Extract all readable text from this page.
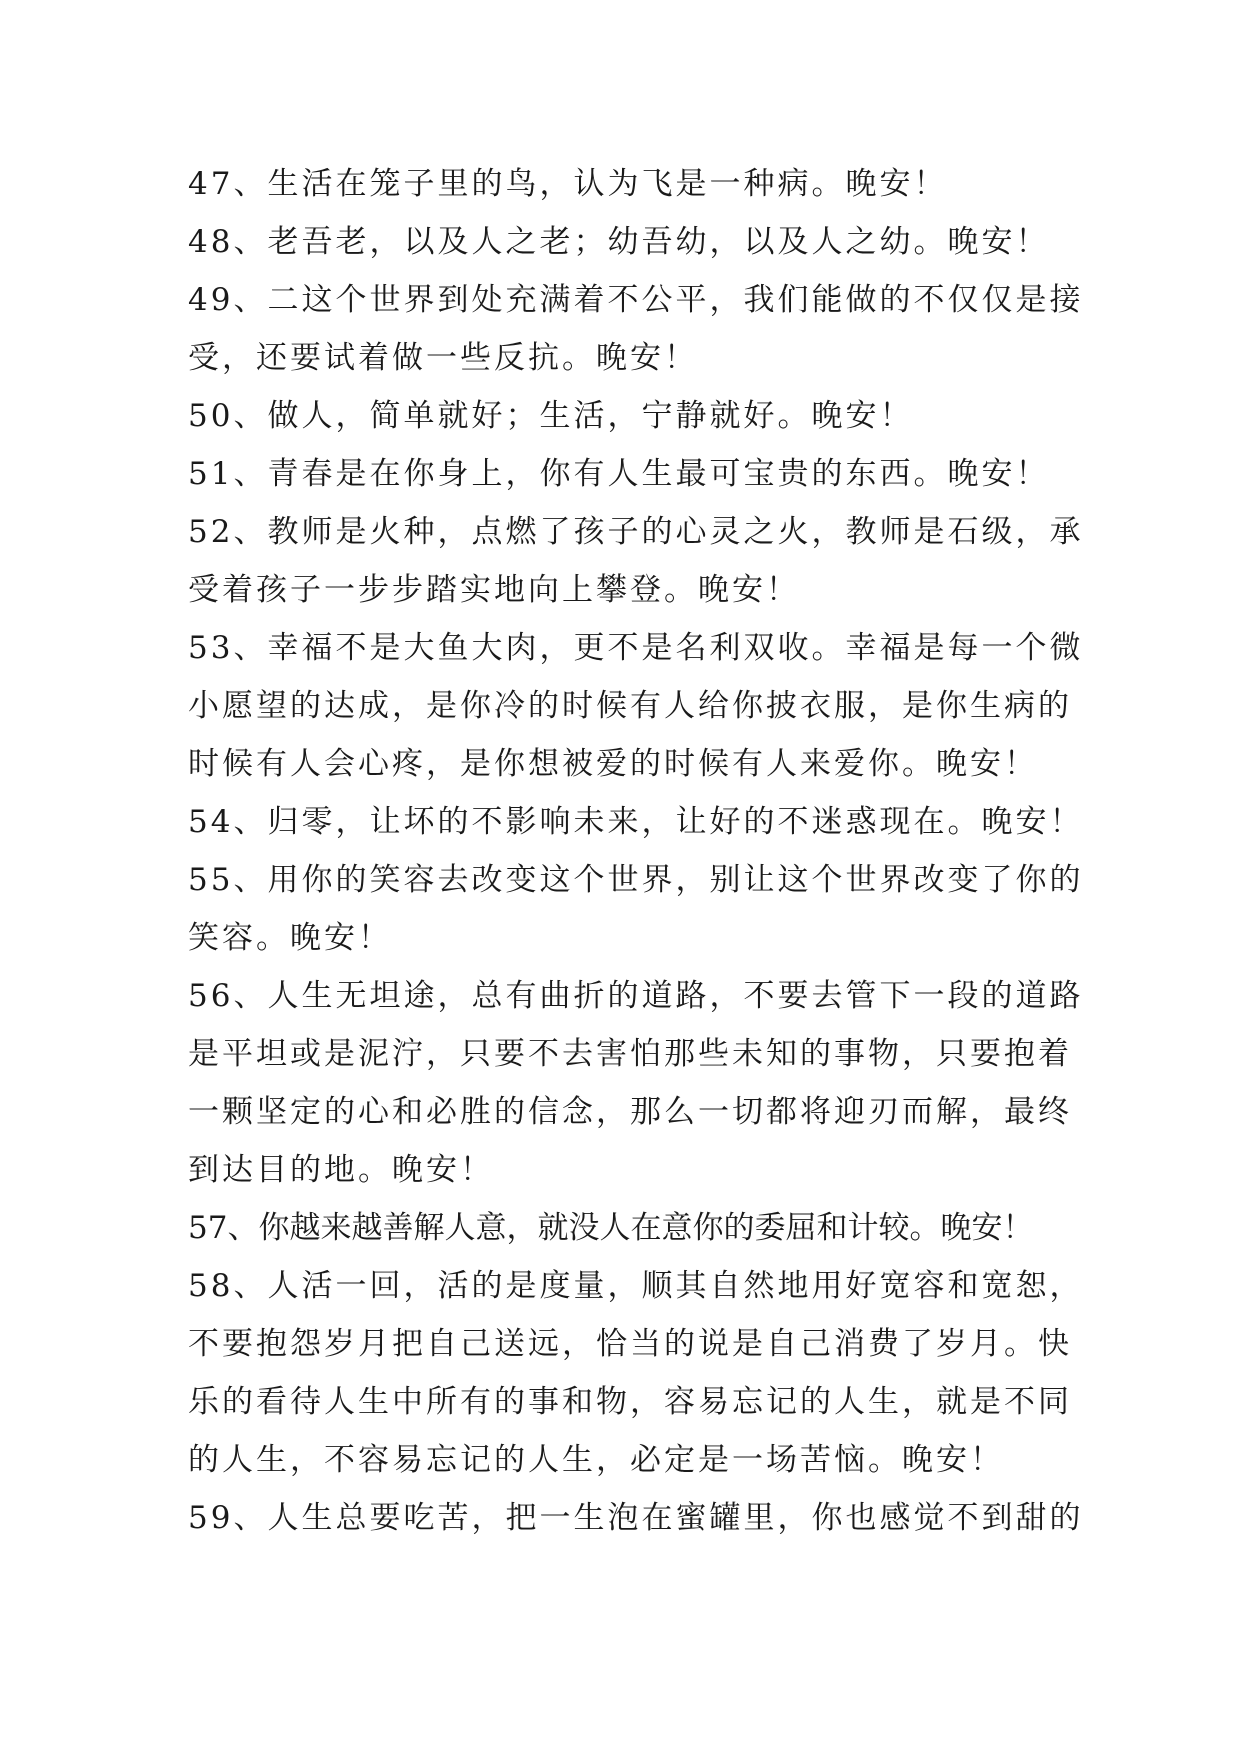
47、生活在笼子里的鸟，认为飞是一种病。晚安！
48、老吾老，以及人之老；幼吾幼，以及人之幼。晚安！
49、二这个世界到处充满着不公平，我们能做的不仅仅是接
受，还要试着做一些反抗。晚安！
50、做人，简单就好；生活，宁静就好。晚安！
51、青春是在你身上，你有人生最可宝贵的东西。晚安！
52、教师是火种，点燃了孩子的心灵之火，教师是石级，承
受着孩子一步步踏实地向上攀登。晚安！
53、幸福不是大鱼大肉，更不是名利双收。幸福是每一个微
小愿望的达成，是你冷的时候有人给你披衣服，是你生病的
时候有人会心疼，是你想被爱的时候有人来爱你。晚安！
54、归零，让坏的不影响未来，让好的不迷惑现在。晚安！
55、用你的笑容去改变这个世界，别让这个世界改变了你的
笑容。晚安！
56、人生无坦途，总有曲折的道路，不要去管下一段的道路
是平坦或是泥泞，只要不去害怕那些未知的事物，只要抱着
一颗坚定的心和必胜的信念，那么一切都将迎刃而解，最终
到达目的地。晚安！
57、你越来越善解人意，就没人在意你的委屈和计较。晚安！
58、人活一回，活的是度量，顺其自然地用好宽容和宽恕，
不要抱怨岁月把自己送远，恰当的说是自己消费了岁月。快
乐的看待人生中所有的事和物，容易忘记的人生，就是不同
的人生，不容易忘记的人生，必定是一场苦恼。晚安！
59、人生总要吃苦，把一生泡在蜜罐里，你也感觉不到甜的
